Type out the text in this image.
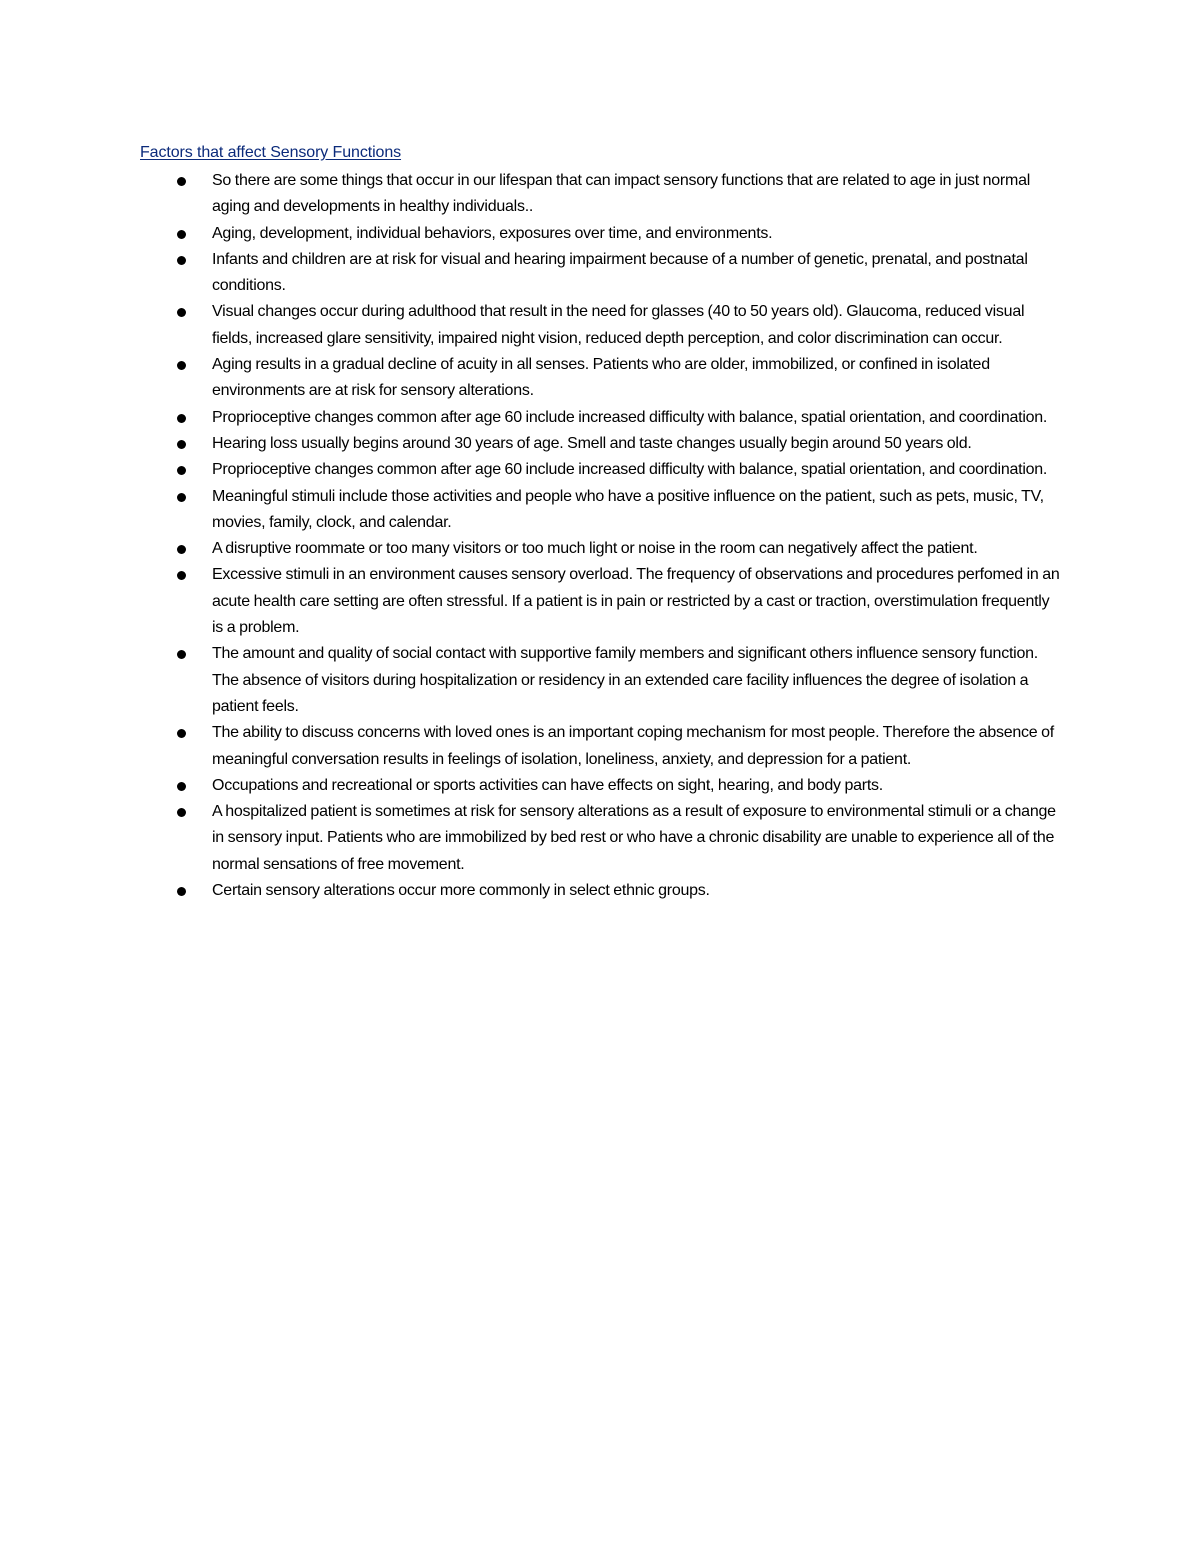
Factors that affect Sensory Functions
So there are some things that occur in our lifespan that can impact sensory functions that are related to age in just normal aging and developments in healthy individuals..
Aging, development, individual behaviors, exposures over time, and environments.
Infants and children are at risk for visual and hearing impairment because of a number of genetic, prenatal, and postnatal conditions.
Visual changes occur during adulthood that result in the need for glasses (40 to 50 years old). Glaucoma, reduced visual fields, increased glare sensitivity, impaired night vision, reduced depth perception, and color discrimination can occur.
Aging results in a gradual decline of acuity in all senses. Patients who are older, immobilized, or confined in isolated environments are at risk for sensory alterations.
Proprioceptive changes common after age 60 include increased difficulty with balance, spatial orientation, and coordination.
Hearing loss usually begins around 30 years of age. Smell and taste changes usually begin around 50 years old.
Proprioceptive changes common after age 60 include increased difficulty with balance, spatial orientation, and coordination.
Meaningful stimuli include those activities and people who have a positive influence on the patient, such as pets, music, TV, movies, family, clock, and calendar.
A disruptive roommate or too many visitors or too much light or noise in the room can negatively affect the patient.
Excessive stimuli in an environment causes sensory overload. The frequency of observations and procedures perfomed in an acute health care setting are often stressful. If a patient is in pain or restricted by a cast or traction, overstimulation frequently is a problem.
The amount and quality of social contact with supportive family members and significant others influence sensory function. The absence of visitors during hospitalization or residency in an extended care facility influences the degree of isolation a patient feels.
The ability to discuss concerns with loved ones is an important coping mechanism for most people. Therefore the absence of meaningful conversation results in feelings of isolation, loneliness, anxiety, and depression for a patient.
Occupations and recreational or sports activities can have effects on sight, hearing, and body parts.
A hospitalized patient is sometimes at risk for sensory alterations as a result of exposure to environmental stimuli or a change in sensory input. Patients who are immobilized by bed rest or who have a chronic disability are unable to experience all of the normal sensations of free movement.
Certain sensory alterations occur more commonly in select ethnic groups.
